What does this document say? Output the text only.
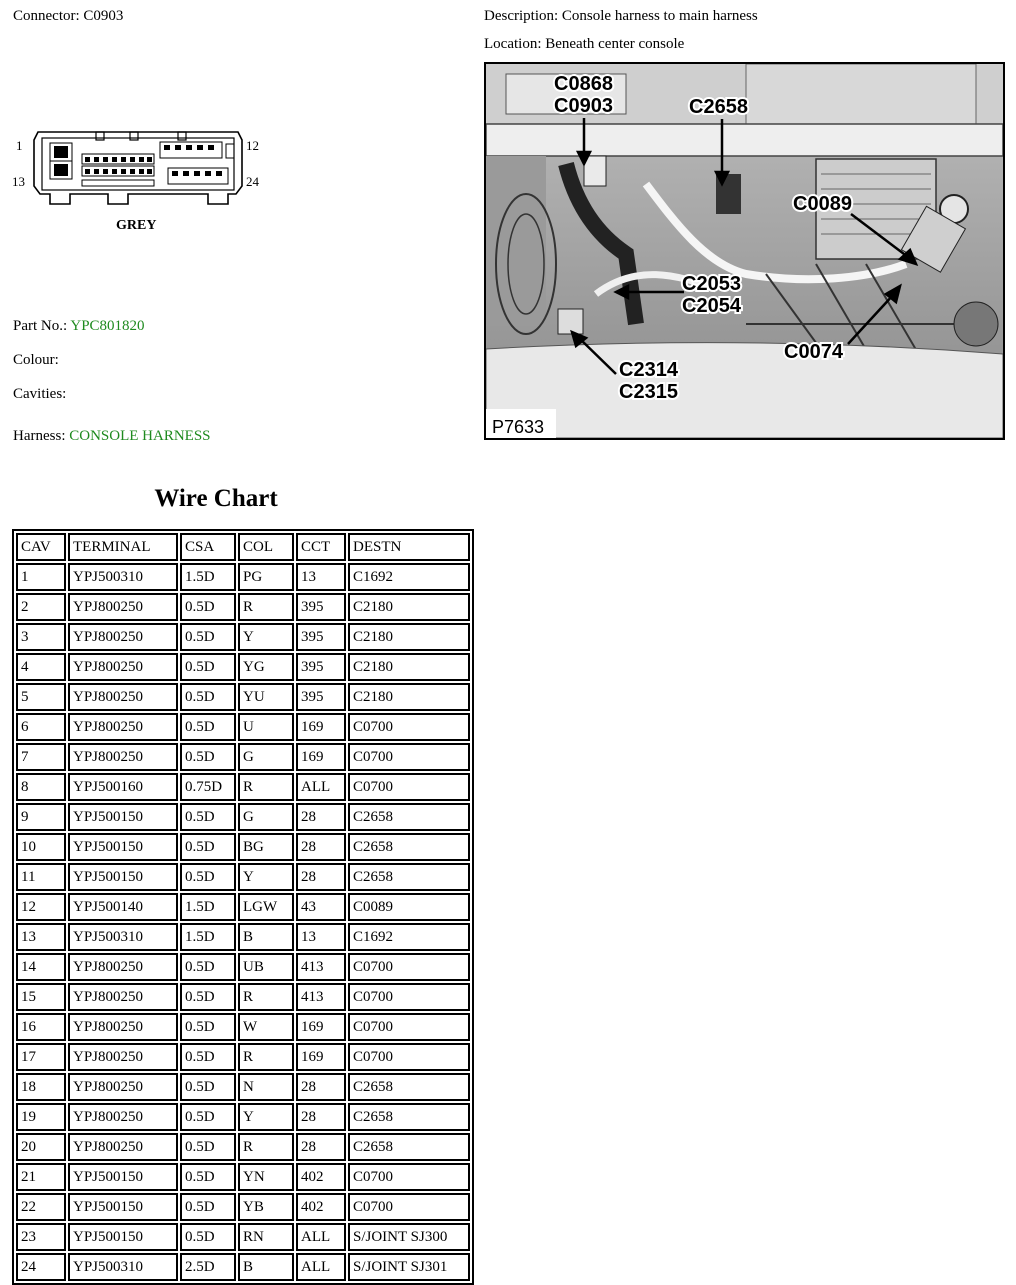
Connector: C0903	Description: Console harness to main harness
Location: Beneath center console
1	12
13	24
GREY
Part No.: YPC801820
Colour:
Cavities:
Harness: CONSOLE HARNESS
C0868
C0903	C2658
C0089
C2053
C2054
C0074
C2314
C2315
P7633
Wire Chart
CAV	TERMINAL	CSA	COL	CCT	DESTN
1	YPJ500310	1.5D	PG	13	C1692
2	YPJ800250	0.5D	R	395	C2180
3	YPJ800250	0.5D	Y	395	C2180
4	YPJ800250	0.5D	YG	395	C2180
5	YPJ800250	0.5D	YU	395	C2180
6	YPJ800250	0.5D	U	169	C0700
7	YPJ800250	0.5D	G	169	C0700
8	YPJ500160	0.75D	R	ALL	C0700
9	YPJ500150	0.5D	G	28	C2658
10	YPJ500150	0.5D	BG	28	C2658
11	YPJ500150	0.5D	Y	28	C2658
12	YPJ500140	1.5D	LGW	43	C0089
13	YPJ500310	1.5D	B	13	C1692
14	YPJ800250	0.5D	UB	413	C0700
15	YPJ800250	0.5D	R	413	C0700
16	YPJ800250	0.5D	W	169	C0700
17	YPJ800250	0.5D	R	169	C0700
18	YPJ800250	0.5D	N	28	C2658
19	YPJ800250	0.5D	Y	28	C2658
20	YPJ800250	0.5D	R	28	C2658
21	YPJ500150	0.5D	YN	402	C0700
22	YPJ500150	0.5D	YB	402	C0700
23	YPJ500150	0.5D	RN	ALL	S/JOINT SJ300
24	YPJ500310	2.5D	B	ALL	S/JOINT SJ301
